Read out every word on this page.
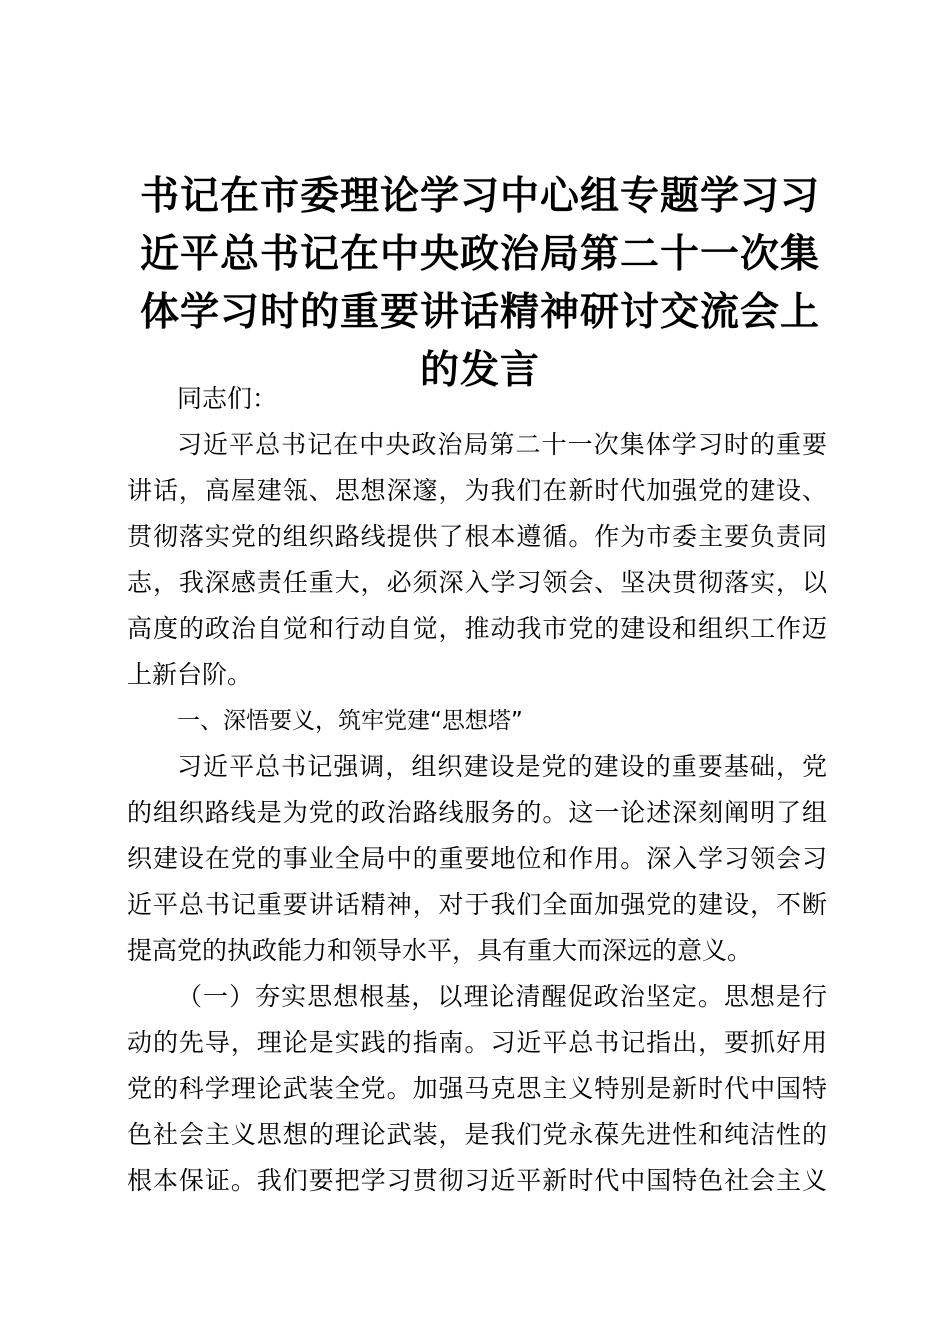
书记在市委理论学习中心组专题学习习
近平总书记在中央政治局第二十一次集
体学习时的重要讲话精神研讨交流会上
的发言

同志们：

习近平总书记在中央政治局第二十一次集体学习时的重要
讲话，高屋建瓴、思想深邃，为我们在新时代加强党的建设、
贯彻落实党的组织路线提供了根本遵循。作为市委主要负责同
志，我深感责任重大，必须深入学习领会、坚决贯彻落实，以
高度的政治自觉和行动自觉，推动我市党的建设和组织工作迈
上新台阶。

一、深悟要义，筑牢党建“思想塔”

习近平总书记强调，组织建设是党的建设的重要基础，党
的组织路线是为党的政治路线服务的。这一论述深刻阐明了组
织建设在党的事业全局中的重要地位和作用。深入学习领会习
近平总书记重要讲话精神，对于我们全面加强党的建设，不断
提高党的执政能力和领导水平，具有重大而深远的意义。

（一）夯实思想根基，以理论清醒促政治坚定。思想是行
动的先导，理论是实践的指南。习近平总书记指出，要抓好用
党的科学理论武装全党。加强马克思主义特别是新时代中国特
色社会主义思想的理论武装，是我们党永葆先进性和纯洁性的
根本保证。我们要把学习贯彻习近平新时代中国特色社会主义
